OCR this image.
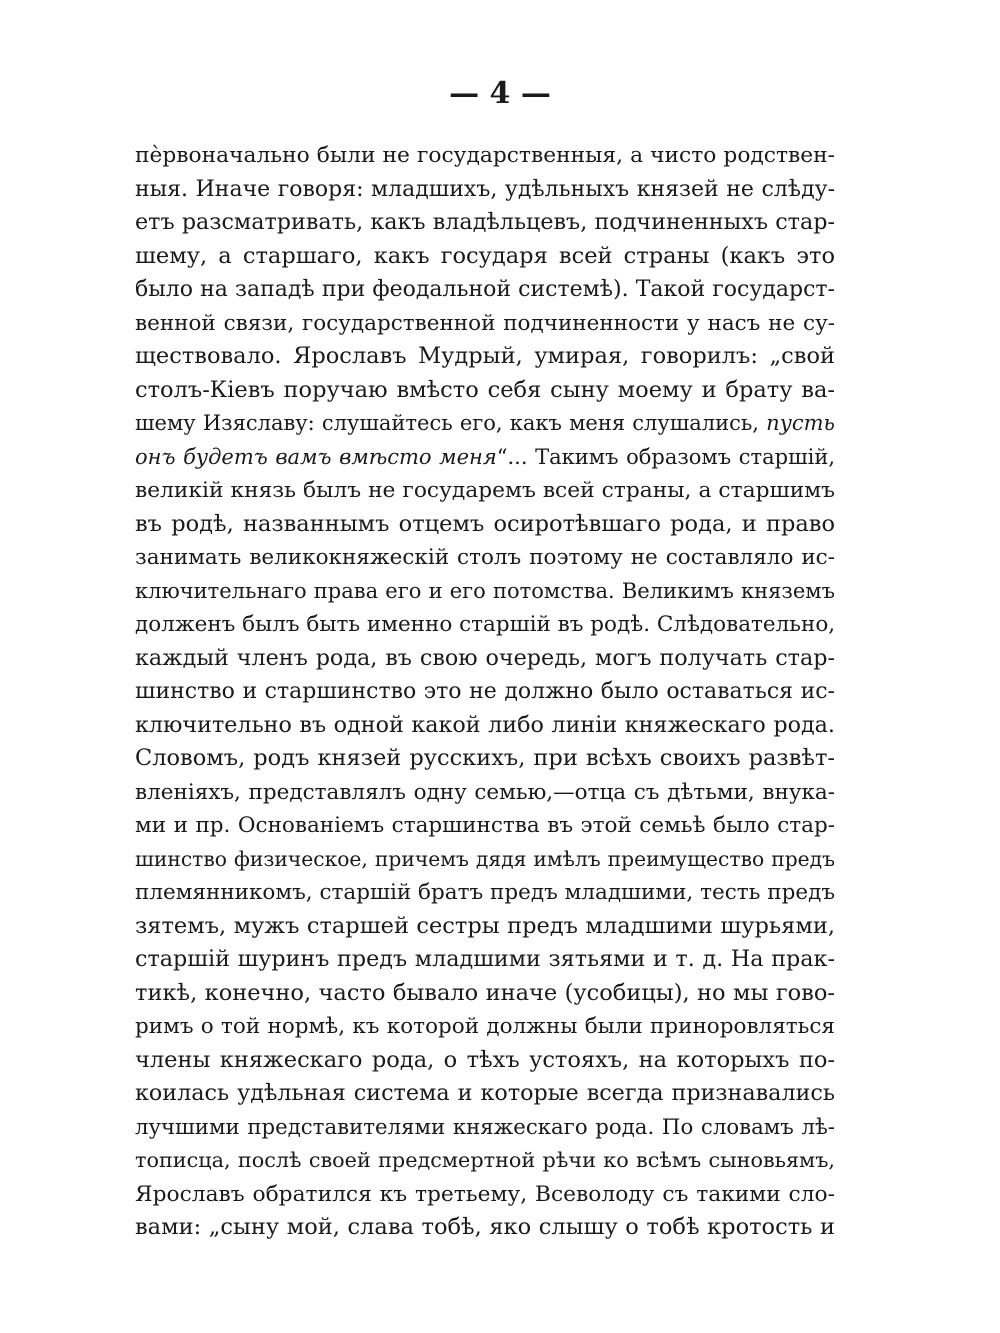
— 4 —
пѐрвоначально были не государственныя, а чисто родствен-
ныя. Иначе говоря: младшихъ, удѣльныхъ князей не слѣду-
етъ разсматривать, какъ владѣльцевъ, подчиненныхъ стар-
шему, а старшаго, какъ государя всей страны (какъ это
было на западѣ при феодальной системѣ). Такой государст-
венной связи, государственной подчиненности у насъ не су-
ществовало. Ярославъ Мудрый, умирая, говорилъ: „свой
столъ-Кіевъ поручаю вмѣсто себя сыну моему и брату ва-
шему Изяславу: слушайтесь его, какъ меня слушались, пусть
онъ будетъ вамъ вмѣсто меня“... Такимъ образомъ старшій,
великій князь былъ не государемъ всей страны, а старшимъ
въ родѣ, названнымъ отцемъ осиротѣвшаго рода, и право
занимать великокняжескій столъ поэтому не составляло ис-
ключительнаго права его и его потомства. Великимъ княземъ
долженъ былъ быть именно старшій въ родѣ. Слѣдовательно,
каждый членъ рода, въ свою очередь, могъ получать стар-
шинство и старшинство это не должно было оставаться ис-
ключительно въ одной какой либо линіи княжескаго рода.
Словомъ, родъ князей русскихъ, при всѣхъ своихъ развѣт-
вленіяхъ, представлялъ одну семью,—отца съ дѣтьми, внука-
ми и пр. Основаніемъ старшинства въ этой семьѣ было стар-
шинство физическое, причемъ дядя имѣлъ преимущество предъ
племянникомъ, старшій братъ предъ младшими, тесть предъ
зятемъ, мужъ старшей сестры предъ младшими шурьями,
старшій шуринъ предъ младшими зятьями и т. д. На прак-
тикѣ, конечно, часто бывало иначе (усобицы), но мы гово-
римъ о той нормѣ, къ которой должны были приноровляться
члены княжескаго рода, о тѣхъ устояхъ, на которыхъ по-
коилась удѣльная система и которые всегда признавались
лучшими представителями княжескаго рода. По словамъ лѣ-
тописца, послѣ своей предсмертной рѣчи ко всѣмъ сыновьямъ,
Ярославъ обратился къ третьему, Всеволоду съ такими сло-
вами: „сыну мой, слава тобѣ, яко слышу о тобѣ кротость и
